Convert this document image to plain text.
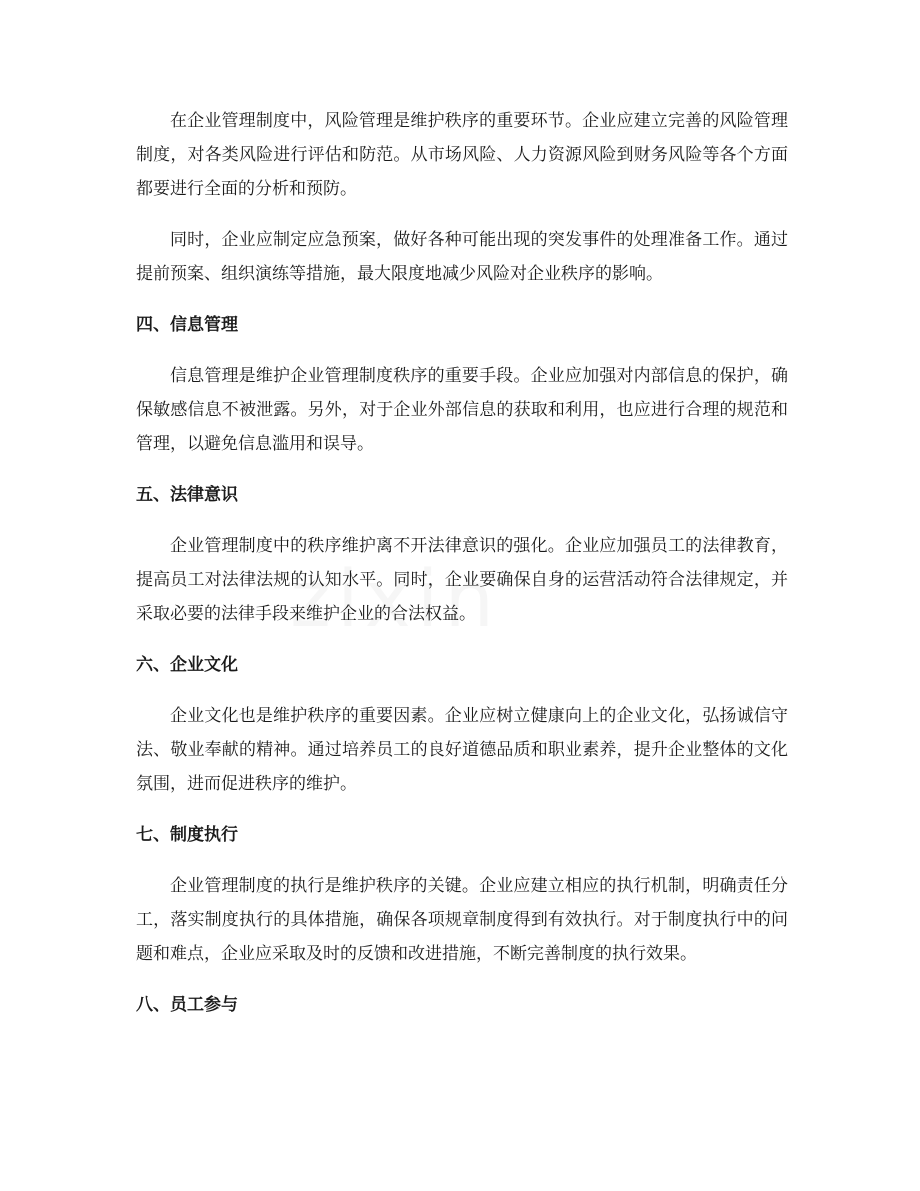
在企业管理制度中，风险管理是维护秩序的重要环节。企业应建立完善的风险管理制度，对各类风险进行评估和防范。从市场风险、人力资源风险到财务风险等各个方面都要进行全面的分析和预防。

同时，企业应制定应急预案，做好各种可能出现的突发事件的处理准备工作。通过提前预案、组织演练等措施，最大限度地减少风险对企业秩序的影响。

四、信息管理

信息管理是维护企业管理制度秩序的重要手段。企业应加强对内部信息的保护，确保敏感信息不被泄露。另外，对于企业外部信息的获取和利用，也应进行合理的规范和管理，以避免信息滥用和误导。

五、法律意识

企业管理制度中的秩序维护离不开法律意识的强化。企业应加强员工的法律教育，提高员工对法律法规的认知水平。同时，企业要确保自身的运营活动符合法律规定，并采取必要的法律手段来维护企业的合法权益。

六、企业文化

企业文化也是维护秩序的重要因素。企业应树立健康向上的企业文化，弘扬诚信守法、敬业奉献的精神。通过培养员工的良好道德品质和职业素养，提升企业整体的文化氛围，进而促进秩序的维护。

七、制度执行

企业管理制度的执行是维护秩序的关键。企业应建立相应的执行机制，明确责任分工，落实制度执行的具体措施，确保各项规章制度得到有效执行。对于制度执行中的问题和难点，企业应采取及时的反馈和改进措施，不断完善制度的执行效果。

八、员工参与
